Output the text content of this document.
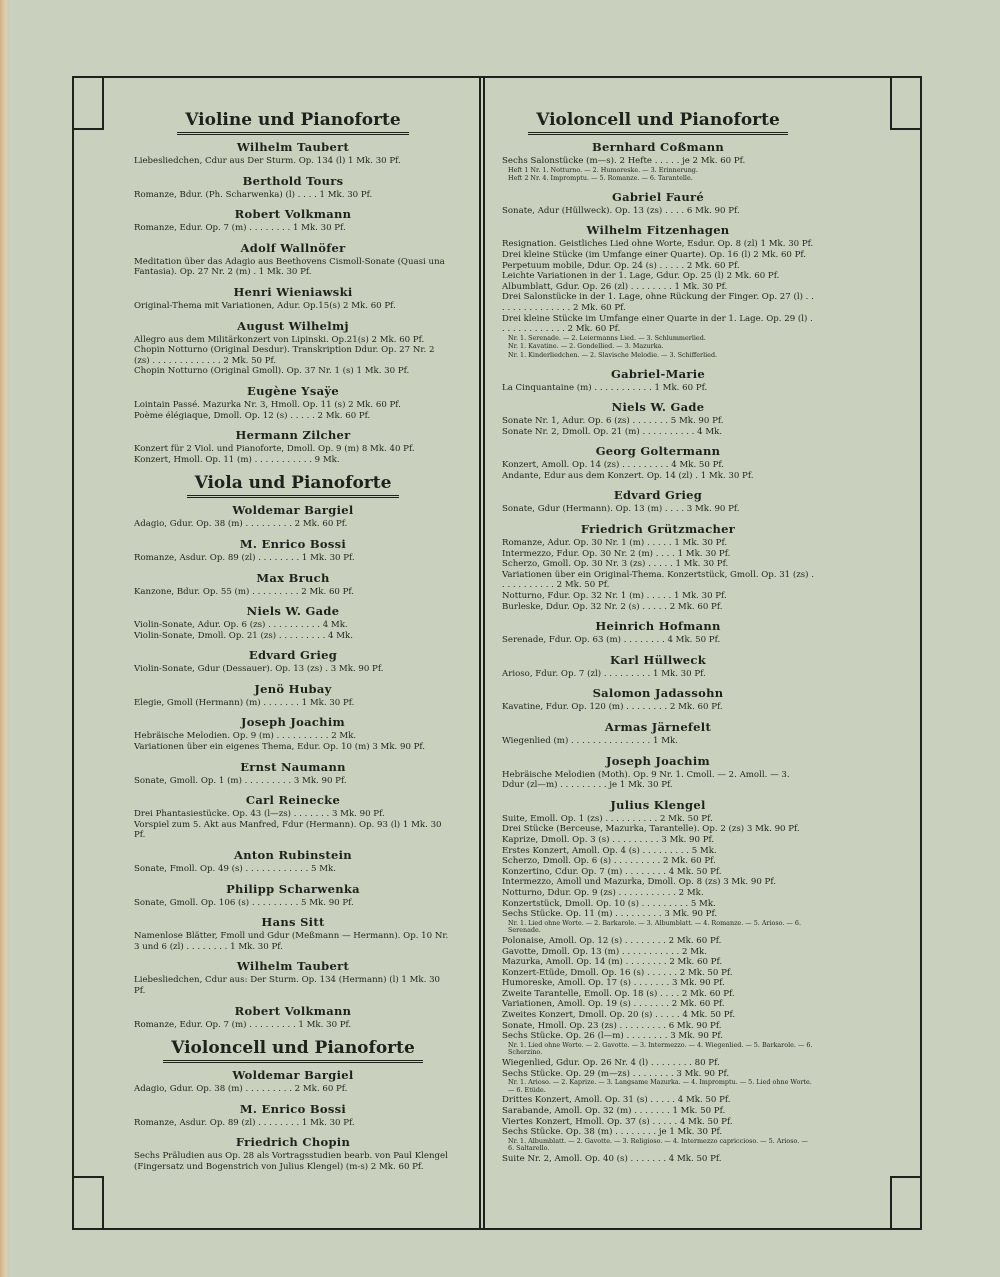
Violine und Pianoforte
Wilhelm Taubert

Liebesliedchen, Cdur aus Der Sturm. Op. 134 (l) 1 Mk. 30 Pf.

Berthold Tours

Romanze, Bdur. (Ph. Scharwenka) (l) . . . . 1 Mk. 30 Pf.

Robert Volkmann

Romanze, Edur. Op. 7 (m) . . . . . . . . 1 Mk. 30 Pf.

Adolf Wallnöfer

Meditation über das Adagio aus Beethovens Cismoll-Sonate (Quasi una Fantasia). Op. 27 Nr. 2 (m) . 1 Mk. 30 Pf.

Henri Wieniawski

Original-Thema mit Variationen, Adur. Op.15(s) 2 Mk. 60 Pf.

August Wilhelmj

Allegro aus dem Militärkonzert von Lipinski. Op.21(s) 2 Mk. 60 Pf.

Chopin Notturno (Original Desdur). Transkription Ddur. Op. 27 Nr. 2 (zs) . . . . . . . . . . . . . 2 Mk. 50 Pf.

Chopin Notturno (Original Gmoll). Op. 37 Nr. 1 (s) 1 Mk. 30 Pf.

Eugène Ysaÿe

Lointain Passé. Mazurka Nr. 3, Hmoll. Op. 11 (s) 2 Mk. 60 Pf.

Poème élégiaque, Dmoll. Op. 12 (s) . . . . . 2 Mk. 60 Pf.

Hermann Zilcher

Konzert für 2 Viol. und Pianoforte, Dmoll. Op. 9 (m) 8 Mk. 40 Pf.

Konzert, Hmoll. Op. 11 (m) . . . . . . . . . . . 9 Mk.

Viola und Pianoforte
Woldemar Bargiel

Adagio, Gdur. Op. 38 (m) . . . . . . . . . 2 Mk. 60 Pf.

M. Enrico Bossi

Romanze, Asdur. Op. 89 (zl) . . . . . . . . 1 Mk. 30 Pf.

Max Bruch

Kanzone, Bdur. Op. 55 (m) . . . . . . . . . 2 Mk. 60 Pf.

Niels W. Gade

Violin-Sonate, Adur. Op. 6 (zs) . . . . . . . . . . 4 Mk.

Violin-Sonate, Dmoll. Op. 21 (zs) . . . . . . . . . 4 Mk.

Edvard Grieg

Violin-Sonate, Gdur (Dessauer). Op. 13 (zs) . 3 Mk. 90 Pf.

Jenö Hubay

Elegie, Gmoll (Hermann) (m) . . . . . . . 1 Mk. 30 Pf.

Joseph Joachim

Hebräische Melodien. Op. 9 (m) . . . . . . . . . . 2 Mk.

Variationen über ein eigenes Thema, Edur. Op. 10 (m) 3 Mk. 90 Pf.

Ernst Naumann

Sonate, Gmoll. Op. 1 (m) . . . . . . . . . 3 Mk. 90 Pf.

Carl Reinecke

Drei Phantasiestücke. Op. 43 (l—zs) . . . . . . . 3 Mk. 90 Pf.

Vorspiel zum 5. Akt aus Manfred, Fdur (Hermann). Op. 93 (l) 1 Mk. 30 Pf.

Anton Rubinstein

Sonate, Fmoll. Op. 49 (s) . . . . . . . . . . . . 5 Mk.

Philipp Scharwenka

Sonate, Gmoll. Op. 106 (s) . . . . . . . . . 5 Mk. 90 Pf.

Hans Sitt

Namenlose Blätter, Fmoll und Gdur (Meßmann — Hermann). Op. 10 Nr. 3 und 6 (zl) . . . . . . . . 1 Mk. 30 Pf.

Wilhelm Taubert

Liebesliedchen, Cdur aus: Der Sturm. Op. 134 (Hermann) (l) 1 Mk. 30 Pf.

Robert Volkmann

Romanze, Edur. Op. 7 (m) . . . . . . . . . 1 Mk. 30 Pf.

Violoncell und Pianoforte
Woldemar Bargiel

Adagio, Gdur. Op. 38 (m) . . . . . . . . . 2 Mk. 60 Pf.

M. Enrico Bossi

Romanze, Asdur. Op. 89 (zl) . . . . . . . . 1 Mk. 30 Pf.

Friedrich Chopin

Sechs Präludien aus Op. 28 als Vortragsstudien bearb. von Paul Klengel (Fingersatz und Bogenstrich von Julius Klengel) (m-s) 2 Mk. 60 Pf.

Violoncell und Pianoforte
Bernhard Coßmann

Sechs Salonstücke (m—s). 2 Hefte . . . . . je 2 Mk. 60 Pf.

Heft 1 Nr. 1. Notturno. — 2. Humoreske. — 3. Erinnerung.

Heft 2 Nr. 4. Impromptu. — 5. Romanze. — 6. Tarantelle.

Gabriel Fauré

Sonate, Adur (Hüllweck). Op. 13 (zs) . . . . 6 Mk. 90 Pf.

Wilhelm Fitzenhagen

Resignation. Geistliches Lied ohne Worte, Esdur. Op. 8 (zl) 1 Mk. 30 Pf.

Drei kleine Stücke (im Umfange einer Quarte). Op. 16 (l) 2 Mk. 60 Pf.

Perpetuum mobile, Ddur. Op. 24 (s) . . . . . 2 Mk. 60 Pf.

Leichte Variationen in der 1. Lage, Gdur. Op. 25 (l) 2 Mk. 60 Pf.

Albumblatt, Gdur. Op. 26 (zl) . . . . . . . . 1 Mk. 30 Pf.

Drei Salonstücke in der 1. Lage, ohne Rückung der Finger. Op. 27 (l) . . . . . . . . . . . . . . . 2 Mk. 60 Pf.

Drei kleine Stücke im Umfange einer Quarte in der 1. Lage. Op. 29 (l) . . . . . . . . . . . . . 2 Mk. 60 Pf.

Nr. 1. Serenade. — 2. Leiermanns Lied. — 3. Schlummerlied.

Nr. 1. Kavatine. — 2. Gondellied. — 3. Mazurka.

Nr. 1. Kinderliedchen. — 2. Slavische Melodie. — 3. Schifferlied.

Gabriel-Marie

La Cinquantaine (m) . . . . . . . . . . . 1 Mk. 60 Pf.

Niels W. Gade

Sonate Nr. 1, Adur. Op. 6 (zs) . . . . . . . 5 Mk. 90 Pf.

Sonate Nr. 2, Dmoll. Op. 21 (m) . . . . . . . . . . 4 Mk.

Georg Goltermann

Konzert, Amoll. Op. 14 (zs) . . . . . . . . . 4 Mk. 50 Pf.

Andante, Edur aus dem Konzert. Op. 14 (zl) . 1 Mk. 30 Pf.

Edvard Grieg

Sonate, Gdur (Hermann). Op. 13 (m) . . . . 3 Mk. 90 Pf.

Friedrich Grützmacher

Romanze, Adur. Op. 30 Nr. 1 (m) . . . . . 1 Mk. 30 Pf.

Intermezzo, Fdur. Op. 30 Nr. 2 (m) . . . . 1 Mk. 30 Pf.

Scherzo, Gmoll. Op. 30 Nr. 3 (zs) . . . . . 1 Mk. 30 Pf.

Variationen über ein Original-Thema. Konzertstück, Gmoll. Op. 31 (zs) . . . . . . . . . . . 2 Mk. 50 Pf.

Notturno, Fdur. Op. 32 Nr. 1 (m) . . . . . 1 Mk. 30 Pf.

Burleske, Ddur. Op. 32 Nr. 2 (s) . . . . . 2 Mk. 60 Pf.

Heinrich Hofmann

Serenade, Fdur. Op. 63 (m) . . . . . . . . 4 Mk. 50 Pf.

Karl Hüllweck

Arioso, Fdur. Op. 7 (zl) . . . . . . . . . 1 Mk. 30 Pf.

Salomon Jadassohn

Kavatine, Fdur. Op. 120 (m) . . . . . . . . 2 Mk. 60 Pf.

Armas Järnefelt

Wiegenlied (m) . . . . . . . . . . . . . . . 1 Mk.

Joseph Joachim

Hebräische Melodien (Moth). Op. 9 Nr. 1. Cmoll. — 2. Amoll. — 3. Ddur (zl—m) . . . . . . . . . je 1 Mk. 30 Pf.

Julius Klengel

Suite, Emoll. Op. 1 (zs) . . . . . . . . . . 2 Mk. 50 Pf.

Drei Stücke (Berceuse, Mazurka, Tarantelle). Op. 2 (zs) 3 Mk. 90 Pf.

Kaprize, Dmoll. Op. 3 (s) . . . . . . . . . 3 Mk. 90 Pf.

Erstes Konzert, Amoll. Op. 4 (s) . . . . . . . . . 5 Mk.

Scherzo, Dmoll. Op. 6 (s) . . . . . . . . . 2 Mk. 60 Pf.

Konzertino, Cdur. Op. 7 (m) . . . . . . . . 4 Mk. 50 Pf.

Intermezzo, Amoll und Mazurka, Dmoll. Op. 8 (zs) 3 Mk. 90 Pf.

Notturno, Ddur. Op. 9 (zs) . . . . . . . . . . . 2 Mk.

Konzertstück, Dmoll. Op. 10 (s) . . . . . . . . . 5 Mk.

Sechs Stücke. Op. 11 (m) . . . . . . . . . 3 Mk. 90 Pf.

Nr. 1. Lied ohne Worte. — 2. Barkarole. — 3. Albumblatt. — 4. Romanze. — 5. Arioso. — 6. Serenade.

Polonaise, Amoll. Op. 12 (s) . . . . . . . . 2 Mk. 60 Pf.

Gavotte, Dmoll. Op. 13 (m) . . . . . . . . . . . 2 Mk.

Mazurka, Amoll. Op. 14 (m) . . . . . . . . 2 Mk. 60 Pf.

Konzert-Etüde, Dmoll. Op. 16 (s) . . . . . . 2 Mk. 50 Pf.

Humoreske, Amoll. Op. 17 (s) . . . . . . . 3 Mk. 90 Pf.

Zweite Tarantelle, Emoll. Op. 18 (s) . . . . 2 Mk. 60 Pf.

Variationen, Amoll. Op. 19 (s) . . . . . . . 2 Mk. 60 Pf.

Zweites Konzert, Dmoll. Op. 20 (s) . . . . . 4 Mk. 50 Pf.

Sonate, Hmoll. Op. 23 (zs) . . . . . . . . . 6 Mk. 90 Pf.

Sechs Stücke. Op. 26 (l—m) . . . . . . . . 3 Mk. 90 Pf.

Nr. 1. Lied ohne Worte. — 2. Gavotte. — 3. Intermezzo. — 4. Wiegenlied. — 5. Barkarole. — 6. Scherzino.

Wiegenlied, Gdur. Op. 26 Nr. 4 (l) . . . . . . . . 80 Pf.

Sechs Stücke. Op. 29 (m—zs) . . . . . . . . 3 Mk. 90 Pf.

Nr. 1. Arioso. — 2. Kaprize. — 3. Langsame Mazurka. — 4. Impromptu. — 5. Lied ohne Worte. — 6. Etüde.

Drittes Konzert, Amoll. Op. 31 (s) . . . . . 4 Mk. 50 Pf.

Sarabande, Amoll. Op. 32 (m) . . . . . . . 1 Mk. 50 Pf.

Viertes Konzert, Hmoll. Op. 37 (s) . . . . . 4 Mk. 50 Pf.

Sechs Stücke. Op. 38 (m) . . . . . . . . je 1 Mk. 30 Pf.

Nr. 1. Albumblatt. — 2. Gavotte. — 3. Religioso. — 4. Intermezzo capriccioso. — 5. Arioso. — 6. Saltarello.

Suite Nr. 2, Amoll. Op. 40 (s) . . . . . . . 4 Mk. 50 Pf.
